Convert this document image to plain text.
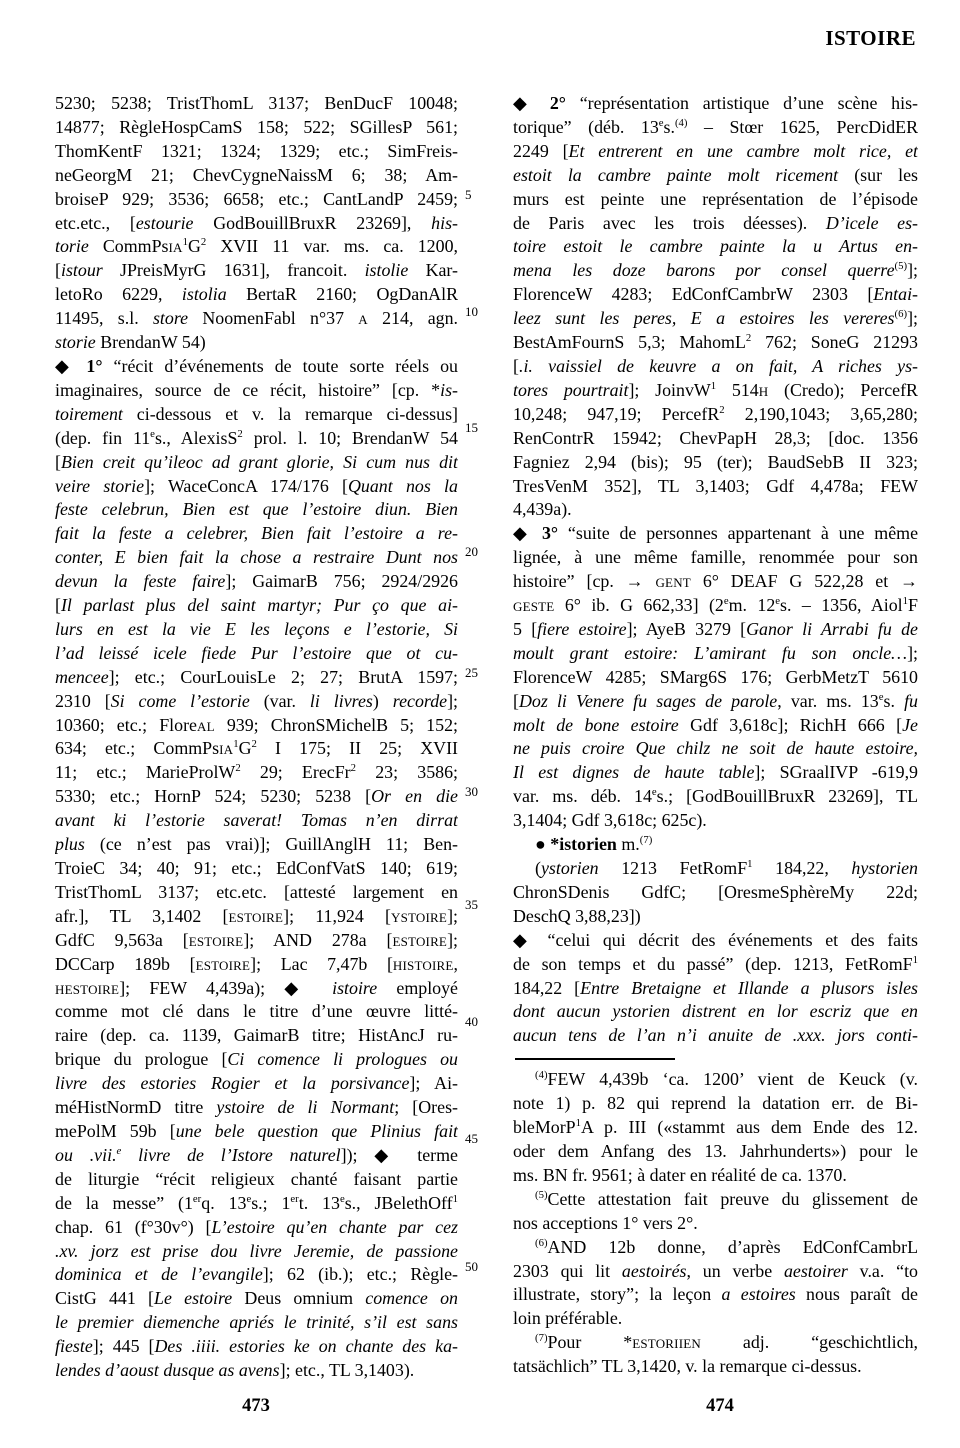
ISTOIRE
5230; 5238; TristThomL 3137; BenDucF 10048;
14877; RègleHospCamS 158; 522; SGillesP 561;
ThomKentF 1321; 1324; 1329; etc.; SimFreis-
neGeorgM 21; ChevCygneNaissM 6; 38; Am-
broiseP 929; 3536; 6658; etc.; CantLandP 2459;
etc.etc., [estourie GodBouillBruxR 23269], his-
torie $CommPsia^1G^2$ XVII 11 var. ms. ca. 1200,
[istour JPreisMyrG 1631], francoit. istolie Kar-
letoRo 6229, istolia BertaR 2160; OgDanAlR
11495, s.l. store NoomenFabl n°37 a 214, agn.
storie BrendanW 54)
◆ 1° “récit d’événements de toute sorte réels ou
imaginaires, source de ce récit, histoire” [cp. *is-
toirement ci-dessous et v. la remarque ci-dessus]
(dep. fin 11es., AlexisS$^2$ prol. l. 10; BrendanW 54
[Bien creit qu’ileoc ad grant glorie, Si cum nus dit
veire storie]; WaceConcA 174/176 [Quant nos la
feste celebrun, Bien est que l’estoire diun. Bien
fait la feste a celebrer, Bien fait l’estoire a re-
conter, E bien fait la chose a restraire Dunt nos
devun la feste faire]; GaimarB 756; 2924/2926
[Il parlast plus del saint martyr; Pur ço que ai-
lurs en est la vie E les leçons e l’estorie, Si
l’ad leissé icele fiede Pur l’estoire que ot cu-
mencee]; etc.; CourLouisLe 2; 27; BrutA 1597;
2310 [Si come l’estorie (var. li livres) recorde];
10360; etc.; Floreal 939; ChronSMichelB 5; 152;
634; etc.; $CommPsia^1G^2$ I 175; II 25; XVII
11; etc.; MarieProlW$^2$ 29; ErecFr$^2$ 23; 3586;
5330; etc.; HornP 524; 5230; 5238 [Or en die
avant ki l’estorie saverat! Tomas n’en dirrat
plus (ce n’est pas vrai)]; GuillAnglH 11; Ben-
TroieC 34; 40; 91; etc.; EdConfVatS 140; 619;
TristThomL 3137; etc.etc. [attesté largement en
afr.], TL 3,1402 [estoire]; 11,924 [ystoire];
GdfC 9,563a [estoire]; AND 278a [estoire];
DCCarp 189b [estoire]; Lac 7,47b [histoire,
hestoire]; FEW 4,439a); ◆ istoire employé
comme mot clé dans le titre d’une œuvre litté-
raire (dep. ca. 1139, GaimarB titre; HistAncJ ru-
brique du prologue [Ci comence li prologues ou
livre des estories Rogier et la porsivance]; Ai-
méHistNormD titre ystoire de li Normant; [Ores-
mePolM 59b [une bele question que Plinius fait
ou .vii.$^e$ livre de l’Istore naturel]); ◆ terme
de liturgie “récit religieux chanté faisant partie
de la messe” (1erq. 13es.; 1ert. 13es., JBelethOff$^1$
chap. 61 (f°30v°) [L’estoire qu’en chante par cez
.xv. jorz est prise dou livre Jeremie, de passione
dominica et de l’evangile]; 62 (ib.); etc.; Règle-
CistG 441 [Le estoire Deus omnium comence on
le premier diemenche apriés le trinité, s’il est sans
fieste]; 445 [Des .iiii. estories ke on chante des ka-
lendes d’aoust dusque as avens]; etc., TL 3,1403).
◆ 2° “représentation artistique d’une scène his-
torique” (déb. 13es.$^{(4)}$ – Stœr 1625, PercDidER
2249 [Et entrerent en une cambre molt rice, et
estoit la cambre painte molt ricement (sur les
murs est peinte une représentation de l’épisode
de Paris avec les trois déesses). D’icele es-
toire estoit le cambre painte la u Artus en-
mena les doze barons por consel querre$^{(5)}$];
FlorenceW 4283; EdConfCambrW 2303 [Entai-
leez sunt les peres, E a estoires les vereres$^{(6)}$];
BestAmFournS 5,3; MahomL$^2$ 762; SoneG 21293
[.i. vaissiel de keuvre a on fait, A riches ys-
tores pourtrait]; JoinvW$^1$ 514h (Credo); PercefR
10,248; 947,19; PercefR$^2$ 2,190,1043; 3,65,280;
RenContrR 15942; ChevPapH 28,3; [doc. 1356
Fagniez 2,94 (bis); 95 (ter); BaudSebB II 323;
TresVenM 352], TL 3,1403; Gdf 4,478a; FEW
4,439a).
◆ 3° “suite de personnes appartenant à une même
lignée, à une même famille, renommée pour son
histoire” [cp. → gent 6° DEAF G 522,28 et →
geste 6° ib. G 662,33] (2em. 12es. – 1356, Aiol$^1$F
5 [fiere estoire]; AyeB 3279 [Ganor li Arrabi fu de
moult grant estoire: L’amirant fu son oncle…];
FlorenceW 4285; SMarg6S 176; GerbMetzT 5610
[Doz li Venere fu sages de parole, var. ms. 13es. fu
molt de bone estoire Gdf 3,618c]; RichH 666 [Je
ne puis croire Que chilz ne soit de haute estoire,
Il est dignes de haute table]; SGraalIVP -619,9
var. ms. déb. 14es.; [GodBouillBruxR 23269], TL
3,1404; Gdf 3,618c; 625c).
● *istorien m.$^{(7)}$
(ystorien 1213 FetRomF$^1$ 184,22, hystorien
ChronSDenis GdfC; [OresmeSphèreMy 22d;
DeschQ 3,88,23])
◆ “celui qui décrit des événements et des faits
de son temps et du passé” (dep. 1213, FetRomF$^1$
184,22 [Entre Bretaigne et Illande a plusors isles
dont aucun ystorien distrent en lor escriz que en
aucun tens de l’an n’i anuite de .xxx. jors conti-
$^{(4)}$FEW 4,439b ‘ca. 1200’ vient de Keuck (v.
note 1) p. 82 qui reprend la datation err. de Bi-
bleMorP$^1$A p. III («stammt aus dem Ende des 12.
oder dem Anfang des 13. Jahrhunderts») pour le
ms. BN fr. 9561; à dater en réalité de ca. 1370.
$^{(5)}$Cette attestation fait preuve du glissement de
nos acceptions 1° vers 2°.
$^{(6)}$AND 12b donne, d’après EdConfCambrL
2303 qui lit aestoirés, un verbe aestoirer v.a. “to
illustrate, story”; la leçon a estoires nous paraît de
loin préférable.
$^{(7)}$Pour *estoriien adj. “geschichtlich,
tatsächlich” TL 3,1420, v. la remarque ci-dessus.
5
10
15
20
25
30
35
40
45
50
473	474
